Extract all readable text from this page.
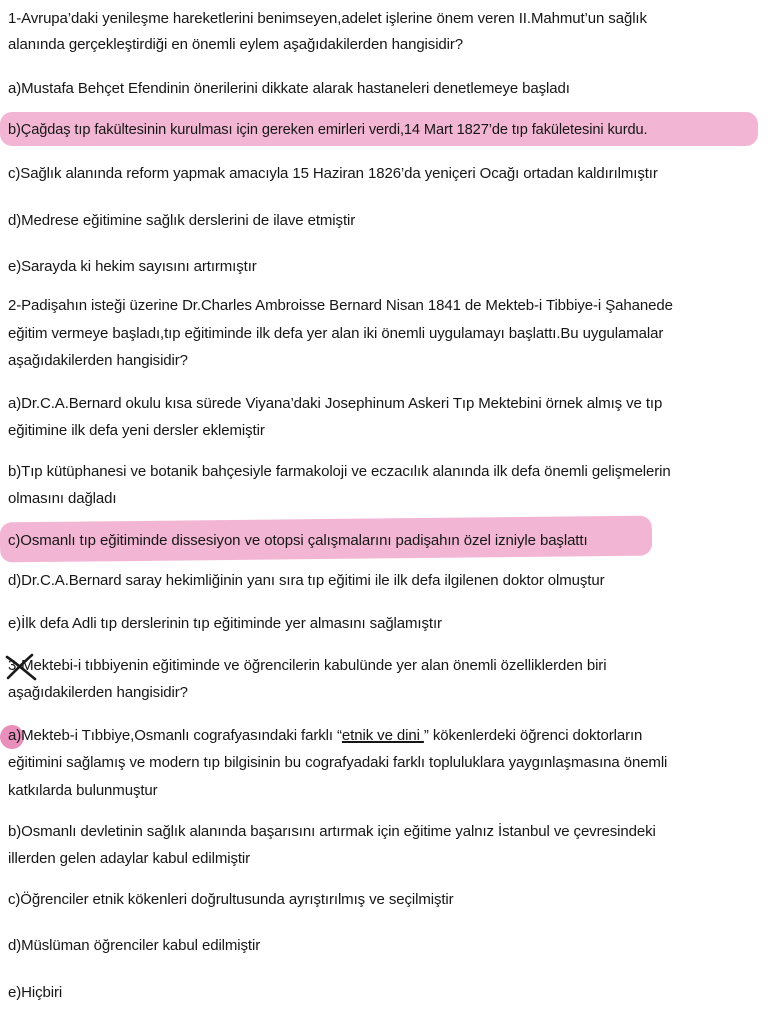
1-Avrupa’daki yenileşme hareketlerini benimseyen,adelet işlerine önem veren II.Mahmut’un sağlık
alanında gerçekleştirdiği en önemli eylem aşağıdakilerden hangisidir?
a)Mustafa Behçet Efendinin önerilerini dikkate alarak hastaneleri denetlemeye başladı
b)Çağdaş tıp fakültesinin kurulması için gereken emirleri verdi,14 Mart 1827’de tıp fakületesini kurdu.
c)Sağlık alanında reform yapmak amacıyla 15 Haziran 1826’da yeniçeri Ocağı ortadan kaldırılmıştır
d)Medrese eğitimine sağlık derslerini de ilave etmiştir
e)Sarayda ki hekim sayısını artırmıştır
2-Padişahın isteği üzerine Dr.Charles Ambroisse Bernard Nisan 1841 de Mekteb-i Tibbiye-i Şahanede
eğitim vermeye başladı,tıp eğitiminde ilk defa yer alan iki önemli uygulamayı başlattı.Bu uygulamalar
aşağıdakilerden hangisidir?
a)Dr.C.A.Bernard okulu kısa sürede Viyana’daki Josephinum Askeri Tıp Mektebini örnek almış ve tıp
eğitimine ilk defa yeni dersler eklemiştir
b)Tıp kütüphanesi ve botanik bahçesiyle farmakoloji ve eczacılık alanında ilk defa önemli gelişmelerin
olmasını dağladı
c)Osmanlı tıp eğitiminde dissesiyon ve otopsi çalışmalarını padişahın özel izniyle başlattı
d)Dr.C.A.Bernard saray hekimliğinin yanı sıra tıp eğitimi ile ilk defa ilgilenen doktor olmuştur
e)İlk defa Adli tıp derslerinin tıp eğitiminde yer almasını sağlamıştır
3-Mektebi-i tıbbiyenin eğitiminde ve öğrencilerin kabulünde yer alan önemli özelliklerden biri
aşağıdakilerden hangisidir?
a)Mekteb-i Tıbbiye,Osmanlı cografyasındaki farklı “etnik ve dini ” kökenlerdeki öğrenci doktorların
eğitimini sağlamış ve modern tıp bilgisinin bu cografyadaki farklı topluluklara yaygınlaşmasına önemli
katkılarda bulunmuştur
b)Osmanlı devletinin sağlık alanında başarısını artırmak için eğitime yalnız İstanbul ve çevresindeki
illerden gelen adaylar kabul edilmiştir
c)Öğrenciler etnik kökenleri doğrultusunda ayrıştırılmış ve seçilmiştir
d)Müslüman öğrenciler kabul edilmiştir
e)Hiçbiri
